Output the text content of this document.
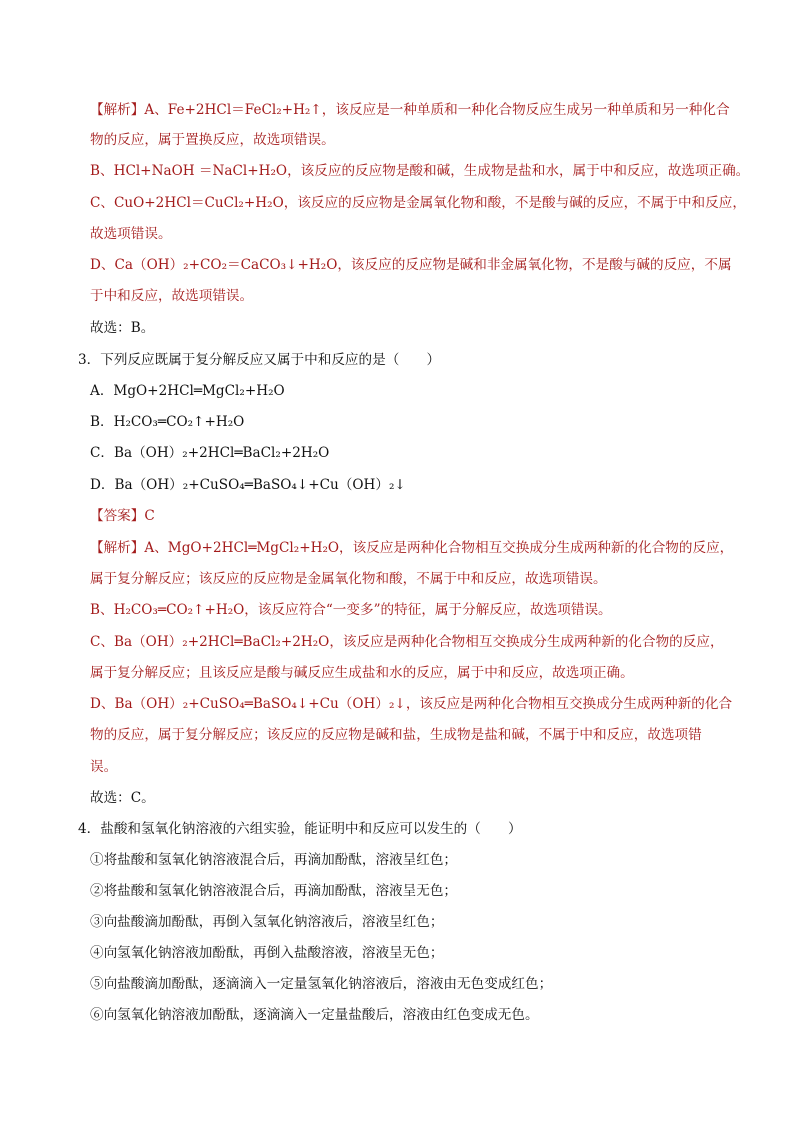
【解析】A、Fe+2HCl＝FeCl₂+H₂↑，该反应是一种单质和一种化合物反应生成另一种单质和另一种化合
物的反应，属于置换反应，故选项错误。
B、HCl+NaOH ＝NaCl+H₂O，该反应的反应物是酸和碱，生成物是盐和水，属于中和反应，故选项正确。
C、CuO+2HCl＝CuCl₂+H₂O，该反应的反应物是金属氧化物和酸，不是酸与碱的反应，不属于中和反应，
故选项错误。
D、Ca（OH）₂+CO₂＝CaCO₃↓+H₂O，该反应的反应物是碱和非金属氧化物，不是酸与碱的反应，不属
于中和反应，故选项错误。
故选：B。
3．下列反应既属于复分解反应又属于中和反应的是（　　）
A．MgO+2HCl═MgCl₂+H₂O
B．H₂CO₃═CO₂↑+H₂O
C．Ba（OH）₂+2HCl═BaCl₂+2H₂O
D．Ba（OH）₂+CuSO₄═BaSO₄↓+Cu（OH）₂↓
【答案】C
【解析】A、MgO+2HCl═MgCl₂+H₂O，该反应是两种化合物相互交换成分生成两种新的化合物的反应，
属于复分解反应；该反应的反应物是金属氧化物和酸，不属于中和反应，故选项错误。
B、H₂CO₃═CO₂↑+H₂O，该反应符合“一变多”的特征，属于分解反应，故选项错误。
C、Ba（OH）₂+2HCl═BaCl₂+2H₂O，该反应是两种化合物相互交换成分生成两种新的化合物的反应，
属于复分解反应；且该反应是酸与碱反应生成盐和水的反应，属于中和反应，故选项正确。
D、Ba（OH）₂+CuSO₄═BaSO₄↓+Cu（OH）₂↓，该反应是两种化合物相互交换成分生成两种新的化合
物的反应，属于复分解反应；该反应的反应物是碱和盐，生成物是盐和碱，不属于中和反应，故选项错
误。
故选：C。
4．盐酸和氢氧化钠溶液的六组实验，能证明中和反应可以发生的（　　）
①将盐酸和氢氧化钠溶液混合后，再滴加酚酞，溶液呈红色；
②将盐酸和氢氧化钠溶液混合后，再滴加酚酞，溶液呈无色；
③向盐酸滴加酚酞，再倒入氢氧化钠溶液后，溶液呈红色；
④向氢氧化钠溶液加酚酞，再倒入盐酸溶液，溶液呈无色；
⑤向盐酸滴加酚酞，逐滴滴入一定量氢氧化钠溶液后，溶液由无色变成红色；
⑥向氢氧化钠溶液加酚酞，逐滴滴入一定量盐酸后，溶液由红色变成无色。
